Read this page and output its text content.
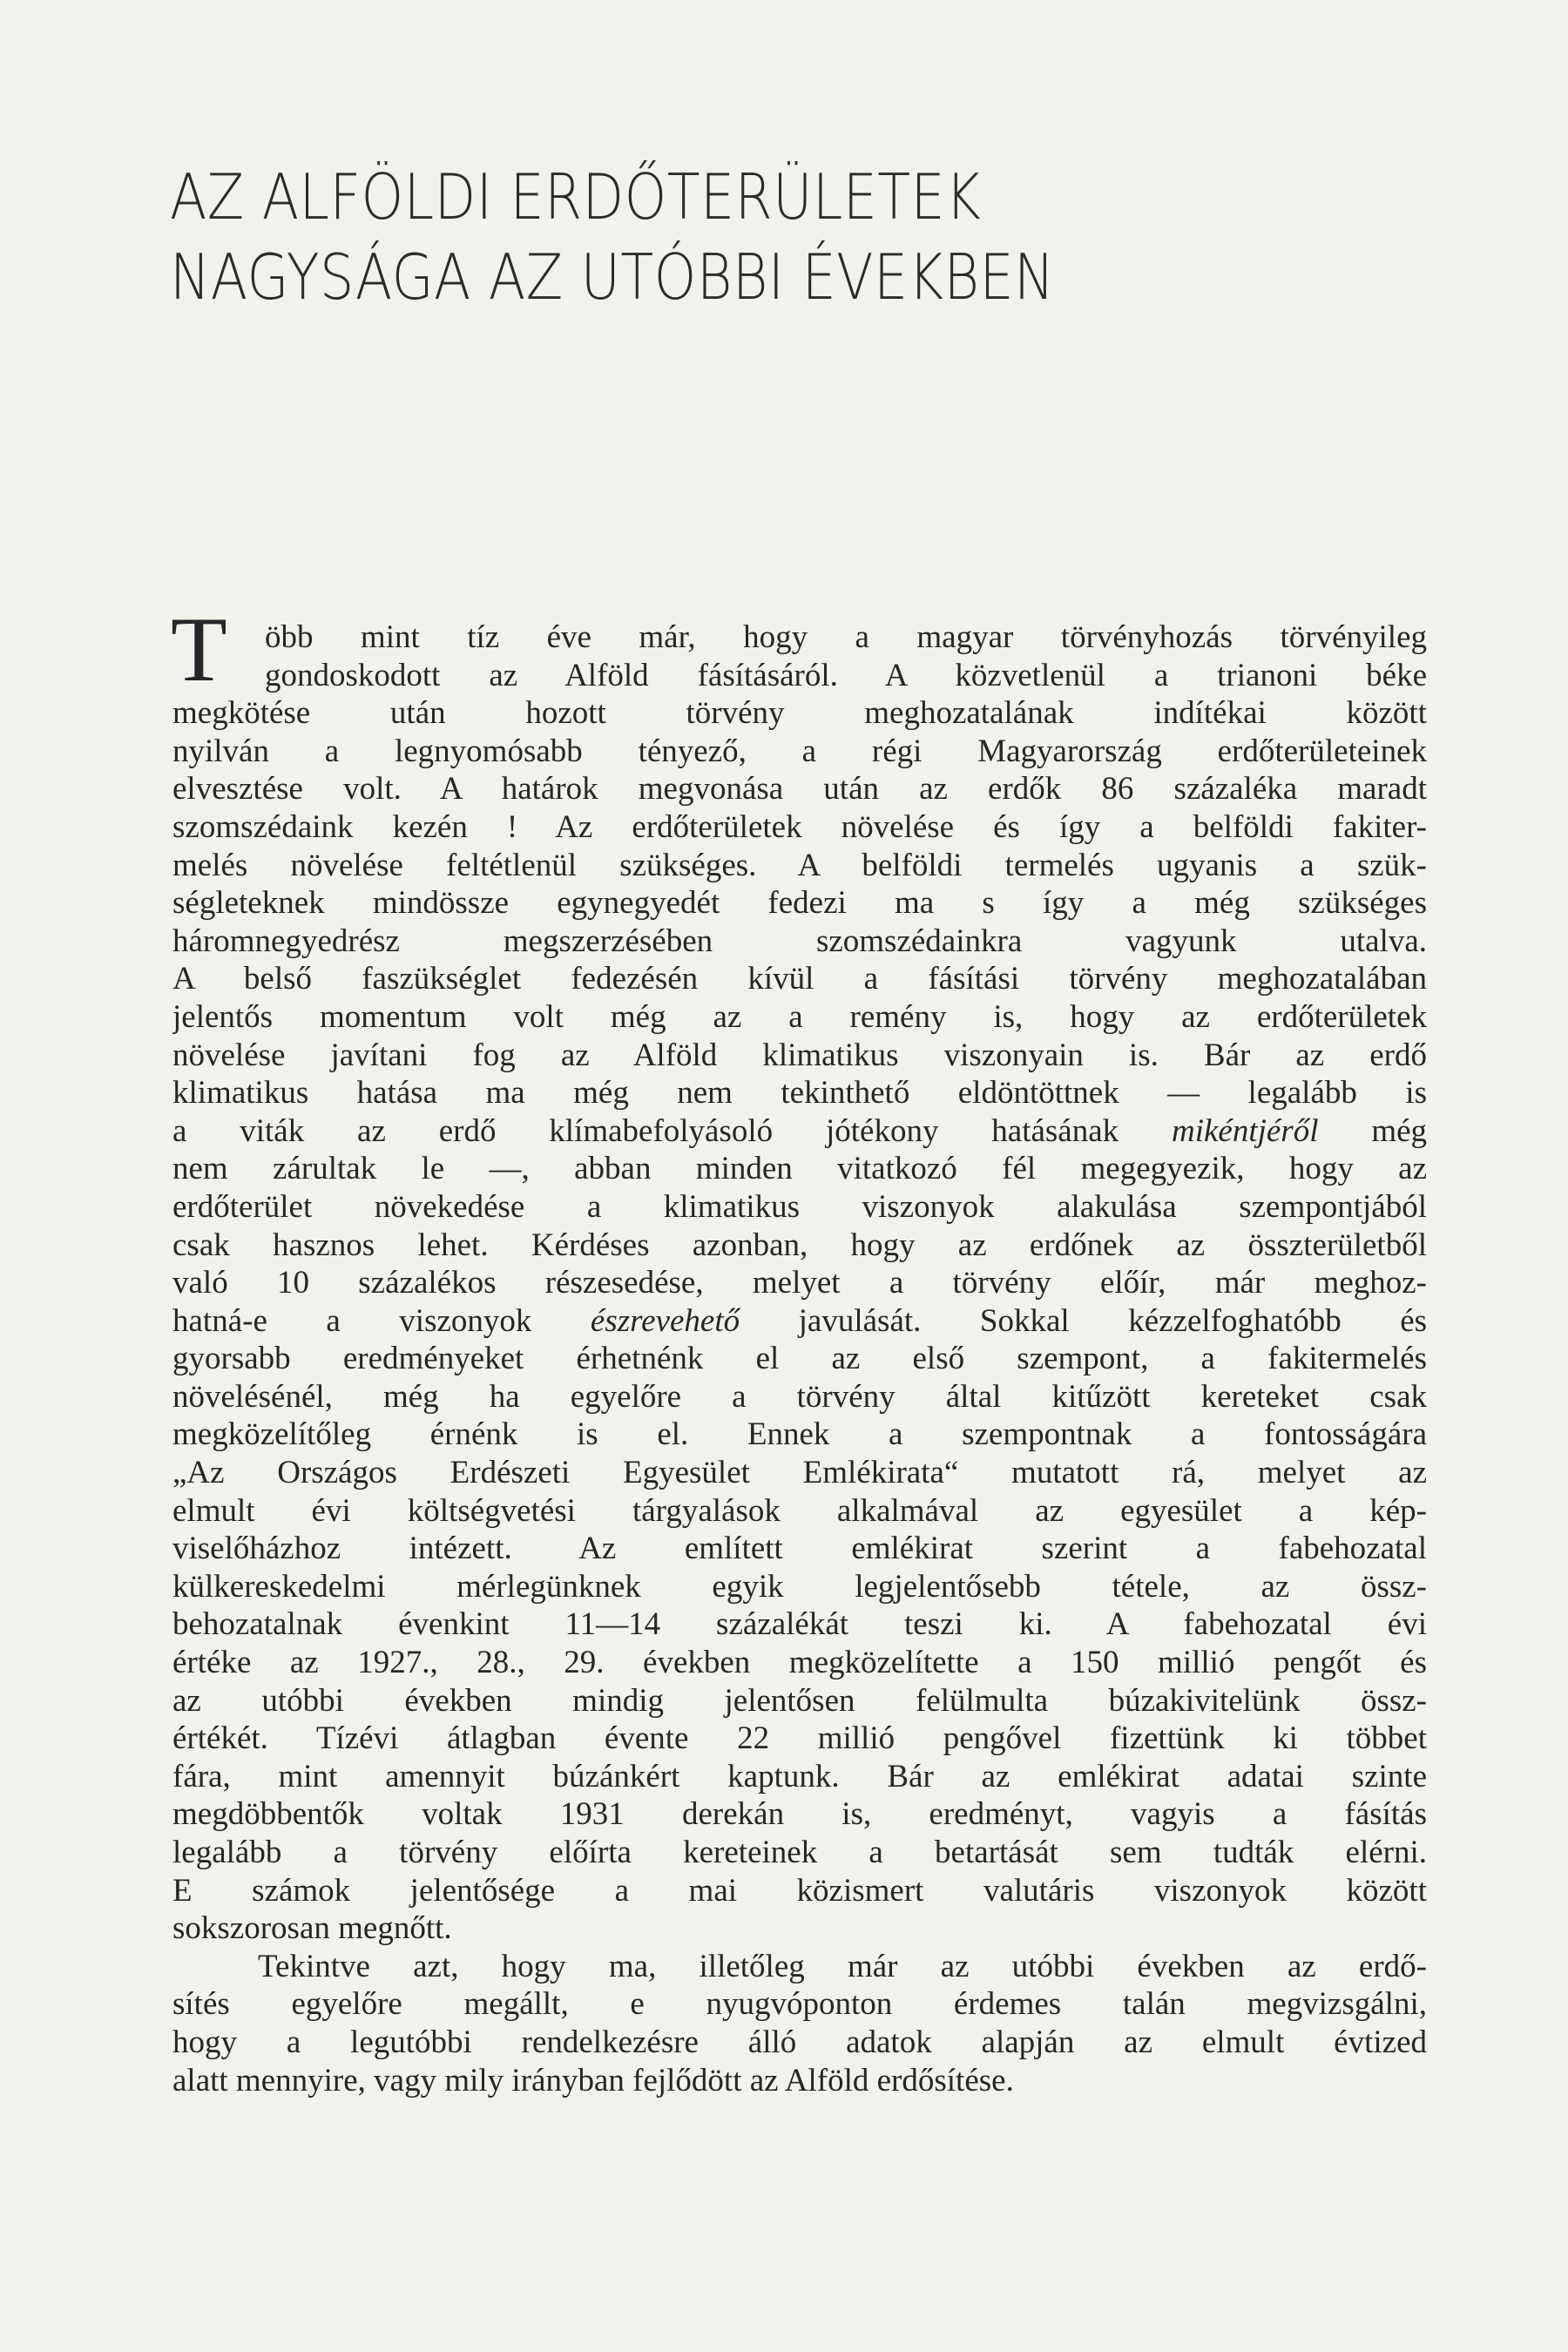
AZ ALFÖLDI ERDŐTERÜLETEK
NAGYSÁGA AZ UTÓBBI ÉVEKBEN
T	öbb mint tíz éve már, hogy a magyar törvényhozás törvényileg

gondoskodott az Alföld fásításáról. A közvetlenül a trianoni béke

megkötése után hozott törvény meghozatalának indítékai között

nyilván a legnyomósabb tényező, a régi Magyarország erdőterületeinek

elvesztése volt. A határok megvonása után az erdők 86 százaléka maradt

szomszédaink kezén ! Az erdőterületek növelése és így a belföldi fakiter-

melés növelése feltétlenül szükséges. A belföldi termelés ugyanis a szük-

ségleteknek mindössze egynegyedét fedezi ma s így a még szükséges

háromnegyedrész megszerzésében szomszédainkra vagyunk utalva.

A belső faszükséglet fedezésén kívül a fásítási törvény meghozatalában

jelentős momentum volt még az a remény is, hogy az erdőterületek

növelése javítani fog az Alföld klimatikus viszonyain is. Bár az erdő

klimatikus hatása ma még nem tekinthető eldöntöttnek — legalább is

a viták az erdő klímabefolyásoló jótékony hatásának mikéntjéről még

nem zárultak le —, abban minden vitatkozó fél megegyezik, hogy az

erdőterület növekedése a klimatikus viszonyok alakulása szempontjából

csak hasznos lehet. Kérdéses azonban, hogy az erdőnek az összterületből

való 10 százalékos részesedése, melyet a törvény előír, már meghoz-

hatná-e a viszonyok észrevehető javulását. Sokkal kézzelfoghatóbb és

gyorsabb eredményeket érhetnénk el az első szempont, a fakitermelés

növelésénél, még ha egyelőre a törvény által kitűzött kereteket csak

megközelítőleg érnénk is el. Ennek a szempontnak a fontosságára

„Az Országos Erdészeti Egyesület Emlékirata“ mutatott rá, melyet az

elmult évi költségvetési tárgyalások alkalmával az egyesület a kép-

viselőházhoz intézett. Az említett emlékirat szerint a fabehozatal

külkereskedelmi mérlegünknek egyik legjelentősebb tétele, az össz-

behozatalnak évenkint 11—14 százalékát teszi ki. A fabehozatal évi

értéke az 1927., 28., 29. években megközelítette a 150 millió pengőt és

az utóbbi években mindig jelentősen felülmulta búzakivitelünk össz-

értékét. Tízévi átlagban évente 22 millió pengővel fizettünk ki többet

fára, mint amennyit búzánkért kaptunk. Bár az emlékirat adatai szinte

megdöbbentők voltak 1931 derekán is, eredményt, vagyis a fásítás

legalább a törvény előírta kereteinek a betartását sem tudták elérni.

E számok jelentősége a mai közismert valutáris viszonyok között

sokszorosan megnőtt.

Tekintve azt, hogy ma, illetőleg már az utóbbi években az erdő-

sítés egyelőre megállt, e nyugvóponton érdemes talán megvizsgálni,

hogy a legutóbbi rendelkezésre álló adatok alapján az elmult évtized

alatt mennyire, vagy mily irányban fejlődött az Alföld erdősítése.
